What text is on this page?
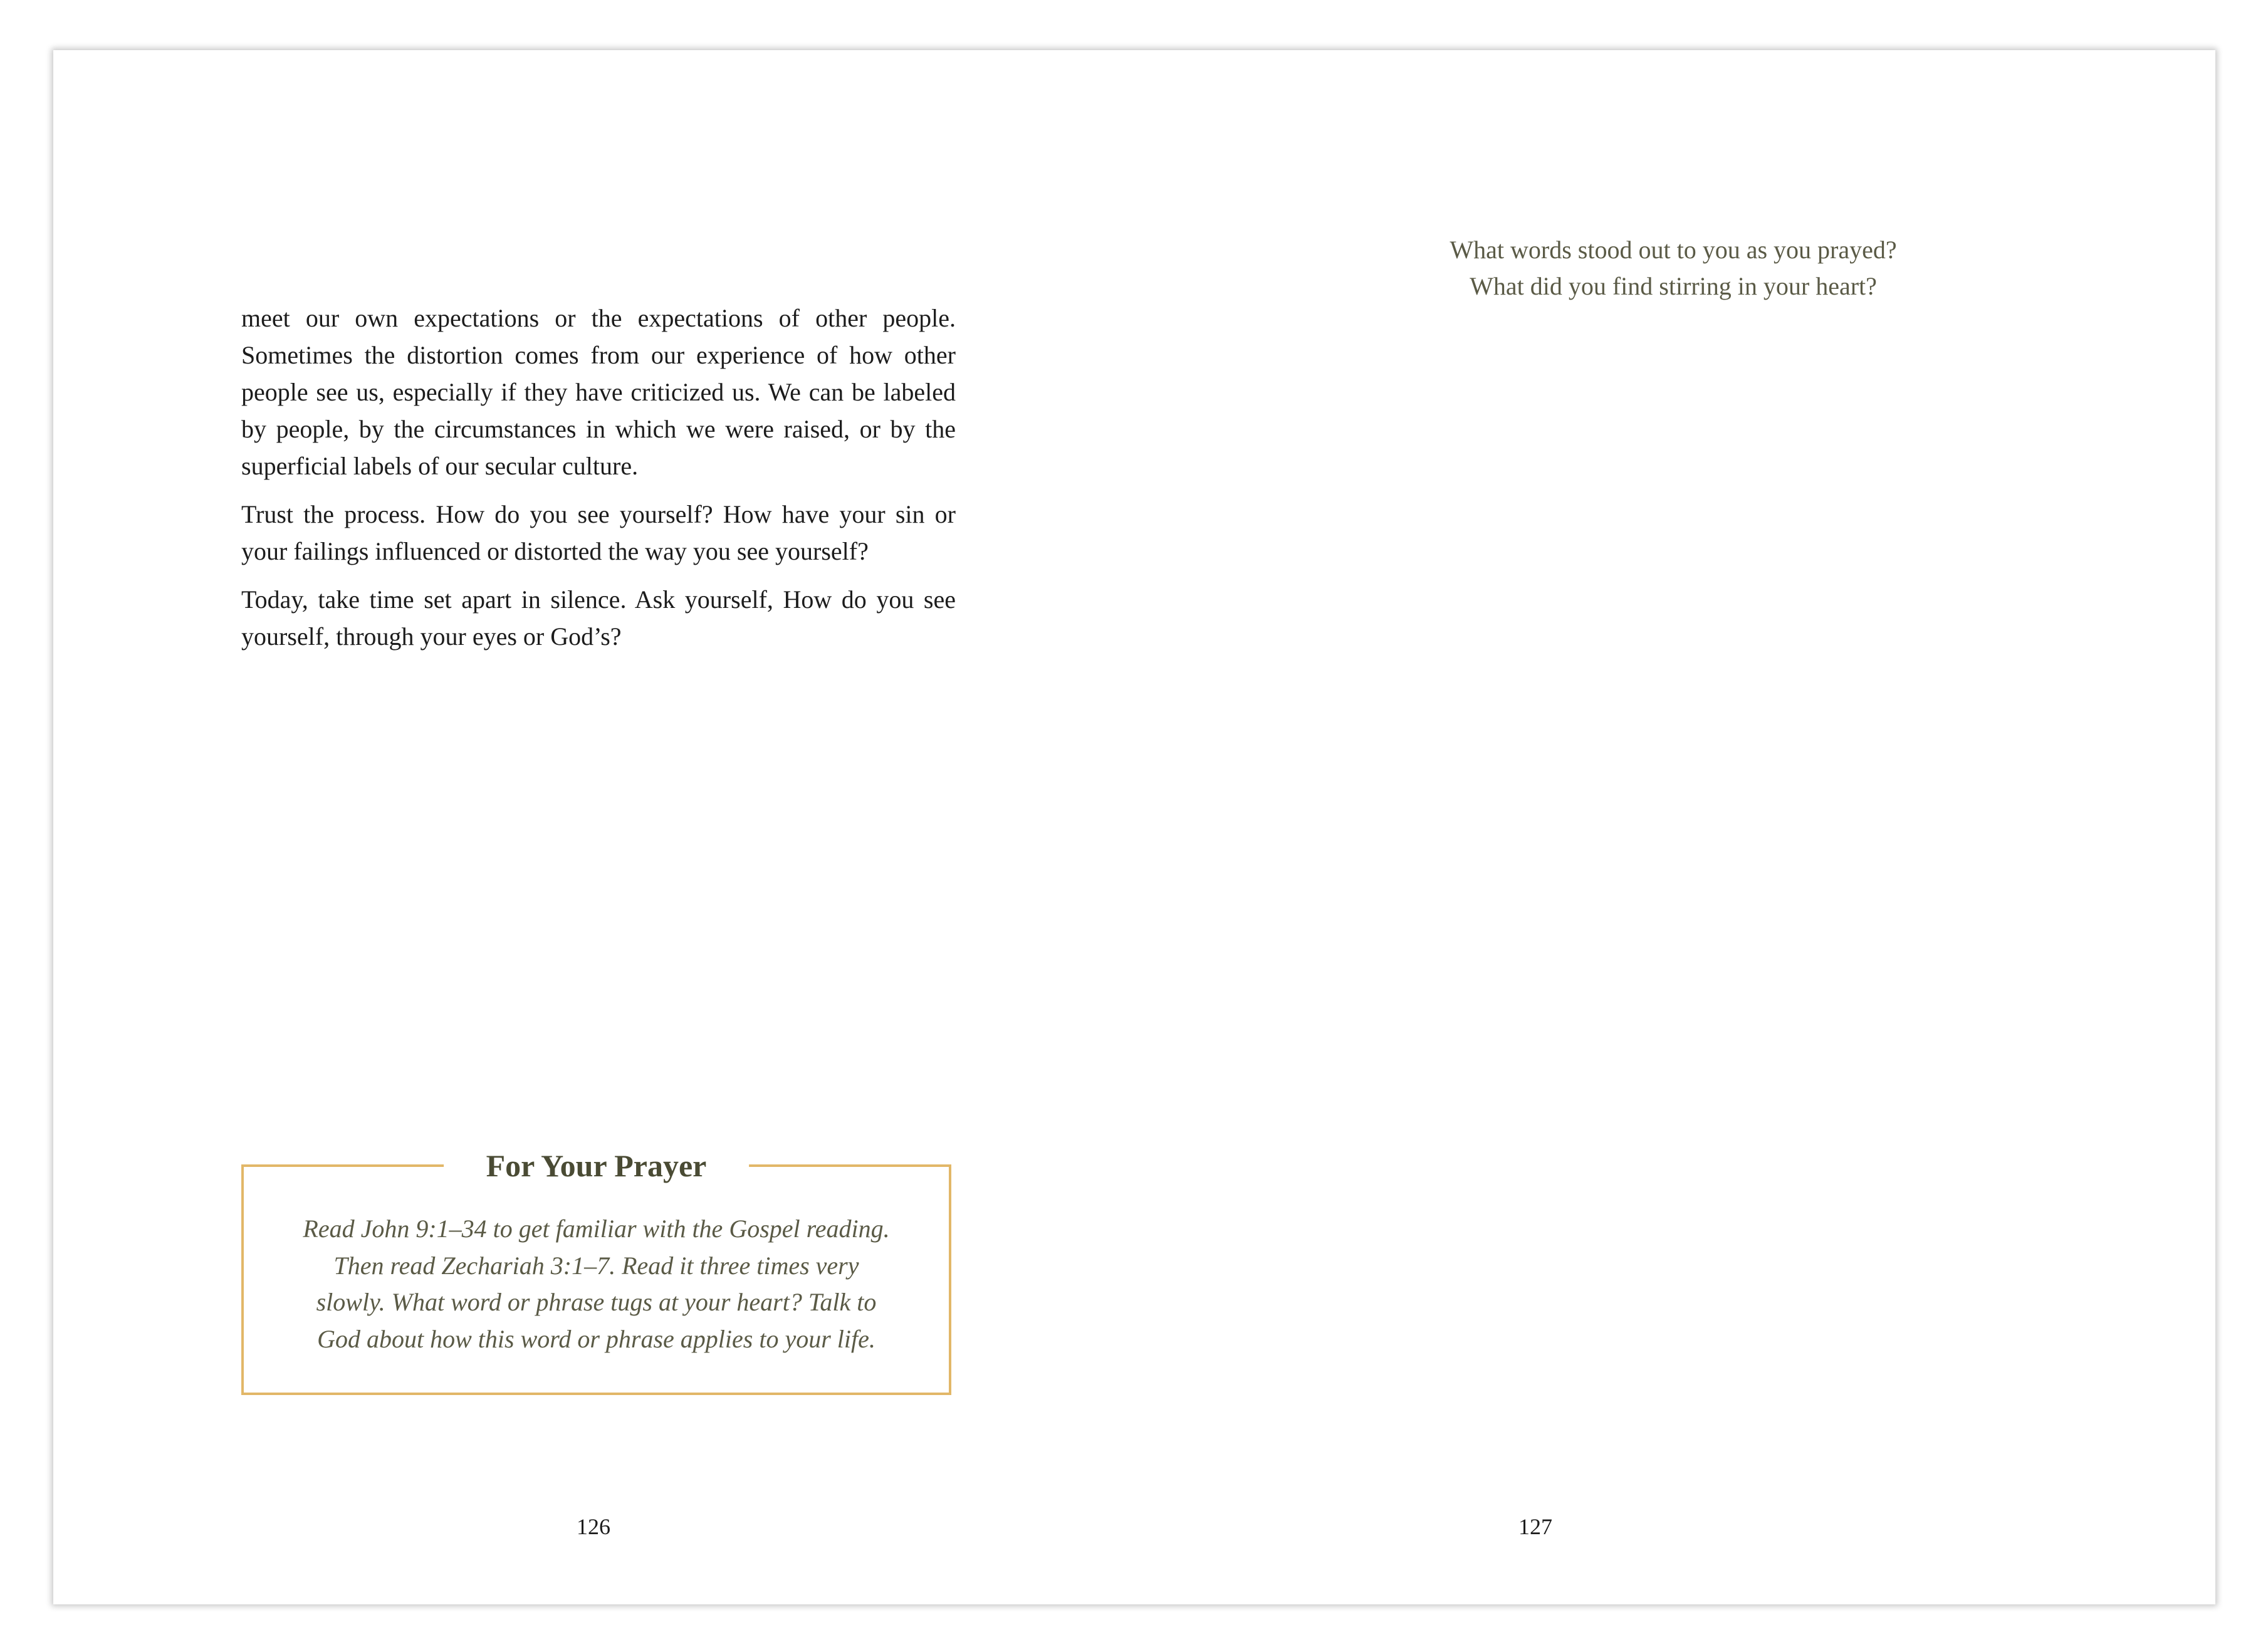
meet our own expectations or the expectations of other people. Sometimes the distortion comes from our experience of how other people see us, especially if they have criticized us. We can be labeled by people, by the circumstances in which we were raised, or by the superficial labels of our secular culture.

Trust the process. How do you see yourself? How have your sin or your failings influenced or distorted the way you see yourself?

Today, take time set apart in silence. Ask yourself, How do you see yourself, through your eyes or God’s?

For Your Prayer
Read John 9:1–34 to get familiar with the Gospel reading.
Then read Zechariah 3:1–7. Read it three times very
slowly. What word or phrase tugs at your heart? Talk to
God about how this word or phrase applies to your life.
126
What words stood out to you as you prayed?
What did you find stirring in your heart?
127
